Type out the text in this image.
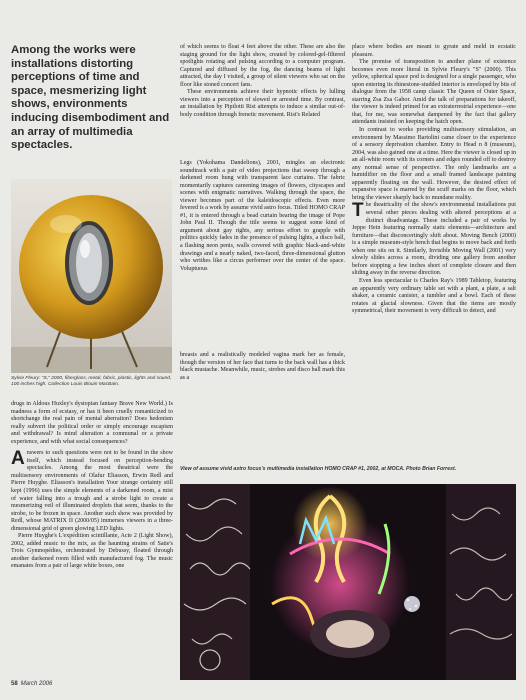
Among the works were installations distorting perceptions of time and space, mesmerizing light shows, environments inducing disembodiment and an array of multimedia spectacles.
Sylvie Fleury: "S," 2000, fiberglass, metal, fabric, plastic, lights and sound, 100 inches high. Collection Louis Blouin MacBain.

of which seems to float 4 feet above the other. These are also the staging ground for the light show, created by colored-gel-filtered spotlights rotating and pulsing according to a computer program. Captured and diffused by the fog, the dancing beams of light attracted, the day I visited, a group of silent viewers who sat on the floor like stoned concert fans.

These environments achieve their hypnotic effects by lulling viewers into a perception of slowed or arrested time. By contrast, an installation by Pipilotti Rist attempts to induce a similar out-of-body condition through frenetic movement. Rist's Related

Legs (Yokohama Dandelions), 2001, mingles an electronic soundtrack with a pair of video projections that sweep through a darkened room hung with transparent lace curtains. The fabric momentarily captures careening images of flowers, cityscapes and scenes with enigmatic narratives. Walking through the space, the viewer becomes part of the kaleidoscopic effects. Even more fevered is a work by assume vivid astro focus. Titled HOMO CRAP #1, it is entered through a bead curtain bearing the image of Pope John Paul II. Though the title seems to suggest some kind of argument about gay rights, any serious effort to grapple with politics quickly fades in the presence of pulsing lights, a disco ball, a flashing neon penis, walls covered with graphic black-and-white drawings and a nearly naked, two-faced, three-dimensional glutton who writhes like a circus performer over the center of the space. Voluptuous

place where bodies are meant to gyrate and meld in ecstatic pleasure.

The promise of transposition to another plane of existence becomes even more literal in Sylvie Fleury's "S" (2000). This yellow, spherical space pod is designed for a single passenger, who upon entering its rhinestone-studded interior is enveloped by bits of dialogue from the 1958 camp classic The Queen of Outer Space, starring Zsa Zsa Gabor. Amid the talk of preparations for takeoff, the viewer is indeed primed for an extraterrestrial experience—one that, for me, was somewhat dampened by the fact that gallery attendants insisted on keeping the hatch open.

In contrast to works providing multisensory stimulation, an environment by Massimo Bartolini came closer to the experience of a sensory deprivation chamber. Entry to Head n 8 (museum), 2004, was also gained one at a time. Here the viewer is closed up in an all-white room with its corners and edges rounded off to destroy any normal sense of perspective. The only landmarks are a humidifier on the floor and a small framed landscape painting apparently floating on the wall. However, the desired effect of expansive space is marred by the scuff marks on the floor, which bring the viewer sharply back to mundane reality.

The theatricality of the show's environmental installations put several other pieces dealing with altered perceptions at a distinct disadvantage. These included a pair of works by Jeppe Hein featuring normally static elements—architecture and furniture—that disconcertingly shift about. Moving Bench (2000) is a simple museum-style bench that begins to move back and forth when one sits on it. Similarly, Invisible Moving Wall (2001) very slowly slides across a room, dividing one gallery from another before stopping a few inches short of complete closure and then sliding away in the reverse direction.

Even less spectacular is Charles Ray's 1989 Tabletop, featuring an apparently very ordinary table set with a plant, a plate, a salt shaker, a ceramic canister, a tumbler and a bowl. Each of these rotates at glacial slowness. Given that the items are mostly symmetrical, their movement is very difficult to detect, and

drugs in Aldous Huxley's dystopian fantasy Brave New World.) Is madness a form of ecstasy, or has it been cruelly romanticized to shortchange the real pain of mental aberration? Does hedonism really subvert the political order or simply encourage escapism and withdrawal? Is mind alteration a communal or a private experience, and with what social consequences?

Answers to such questions were not to be found in the show itself, which instead focused on perception-bending spectacles. Among the most theatrical were the multisensory environments of Olafur Eliasson, Erwin Redl and Pierre Huyghe. Eliasson's installation Your strange certainty still kept (1996) uses the simple elements of a darkened room, a mist of water falling into a trough and a strobe light to create a mesmerizing veil of illuminated droplets that seem, thanks to the strobe, to be frozen in space. Another such show was provided by Redl, whose MATRIX II (2000/05) immerses viewers in a three-dimensional grid of green glowing LED lights.

Pierre Huyghe's L'expédition scintillante, Acte 2 (Light Show), 2002, added music to the mix, as the haunting strains of Satie's Trois Gymnopédies, orchestrated by Debussy, floated through another darkened room filled with manufactured fog. The music emanates from a pair of large white boxes, one

breasts and a realistically modeled vagina mark her as female, though the version of her face that turns to the back wall has a thick black mustache. Meanwhile, music, strobes and disco ball mark this as a

View of assume vivid astro focus's multimedia installation HOMO CRAP #1, 2002, at MOCA. Photo Brian Forrest.
58 March 2006
